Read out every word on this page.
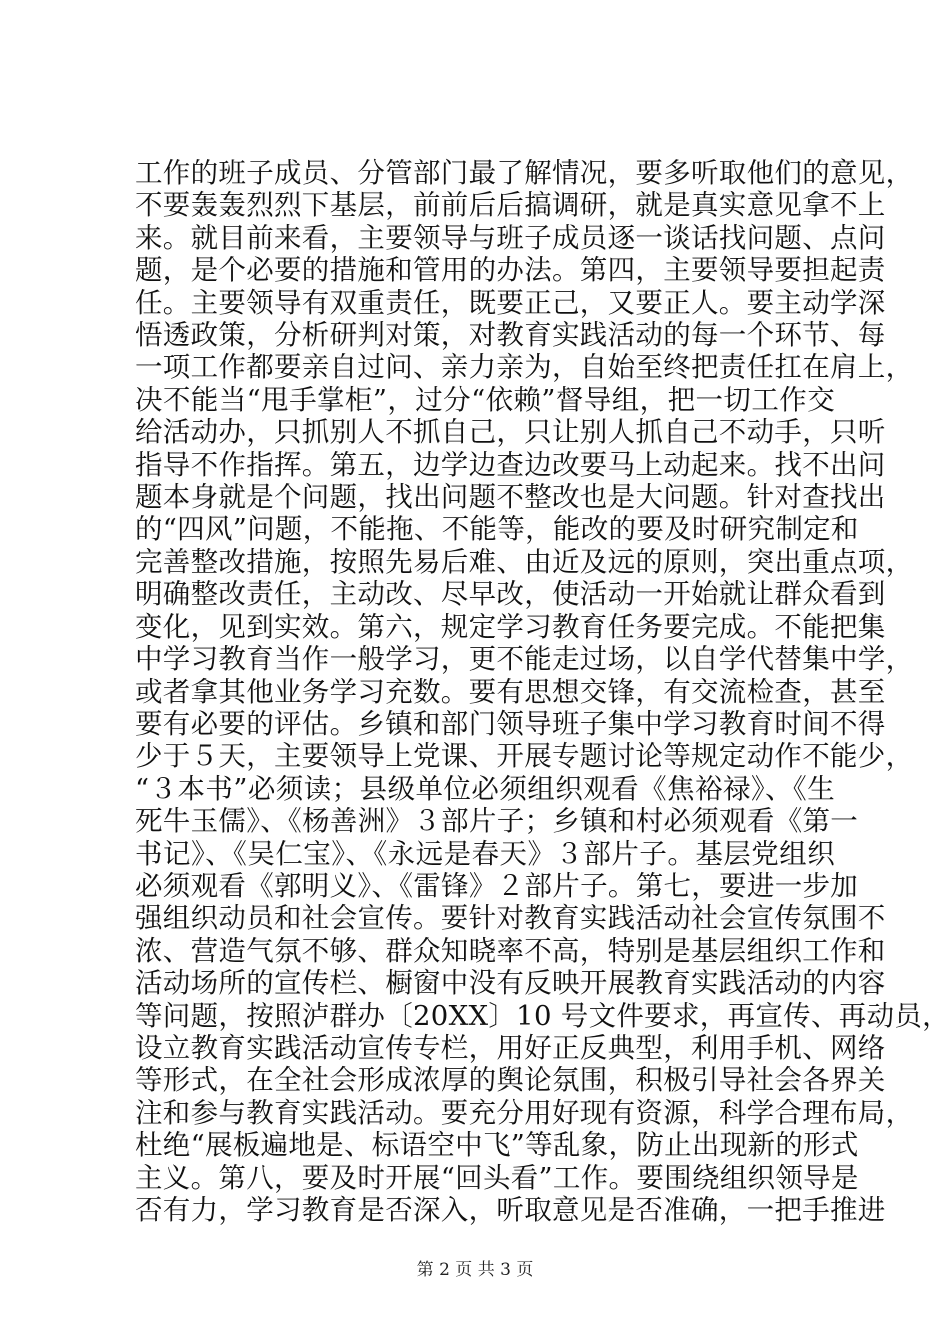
工作的班子成员、分管部门最了解情况，要多听取他们的意见，
不要轰轰烈烈下基层，前前后后搞调研，就是真实意见拿不上
来。就目前来看，主要领导与班子成员逐一谈话找问题、点问
题，是个必要的措施和管用的办法。第四，主要领导要担起责
任。主要领导有双重责任，既要正己，又要正人。要主动学深
悟透政策，分析研判对策，对教育实践活动的每一个环节、每
一项工作都要亲自过问、亲力亲为，自始至终把责任扛在肩上，
决不能当“甩手掌柜”，过分“依赖”督导组，把一切工作交
给活动办，只抓别人不抓自己，只让别人抓自己不动手，只听
指导不作指挥。第五，边学边查边改要马上动起来。找不出问
题本身就是个问题，找出问题不整改也是大问题。针对查找出
的“四风”问题，不能拖、不能等，能改的要及时研究制定和
完善整改措施，按照先易后难、由近及远的原则，突出重点项，
明确整改责任，主动改、尽早改，使活动一开始就让群众看到
变化，见到实效。第六，规定学习教育任务要完成。不能把集
中学习教育当作一般学习，更不能走过场，以自学代替集中学，
或者拿其他业务学习充数。要有思想交锋，有交流检查，甚至
要有必要的评估。乡镇和部门领导班子集中学习教育时间不得
少于５天，主要领导上党课、开展专题讨论等规定动作不能少，
“３本书”必须读；县级单位必须组织观看《焦裕禄》、《生
死牛玉儒》、《杨善洲》３部片子；乡镇和村必须观看《第一
书记》、《吴仁宝》、《永远是春天》３部片子。基层党组织
必须观看《郭明义》、《雷锋》２部片子。第七，要进一步加
强组织动员和社会宣传。要针对教育实践活动社会宣传氛围不
浓、营造气氛不够、群众知晓率不高，特别是基层组织工作和
活动场所的宣传栏、橱窗中没有反映开展教育实践活动的内容
等问题，按照泸群办〔20XX〕10 号文件要求，再宣传、再动员，
设立教育实践活动宣传专栏，用好正反典型，利用手机、网络
等形式，在全社会形成浓厚的舆论氛围，积极引导社会各界关
注和参与教育实践活动。要充分用好现有资源，科学合理布局，
杜绝“展板遍地是、标语空中飞”等乱象，防止出现新的形式
主义。第八，要及时开展“回头看”工作。要围绕组织领导是
否有力，学习教育是否深入，听取意见是否准确，一把手推进
第 2 页 共 3 页
